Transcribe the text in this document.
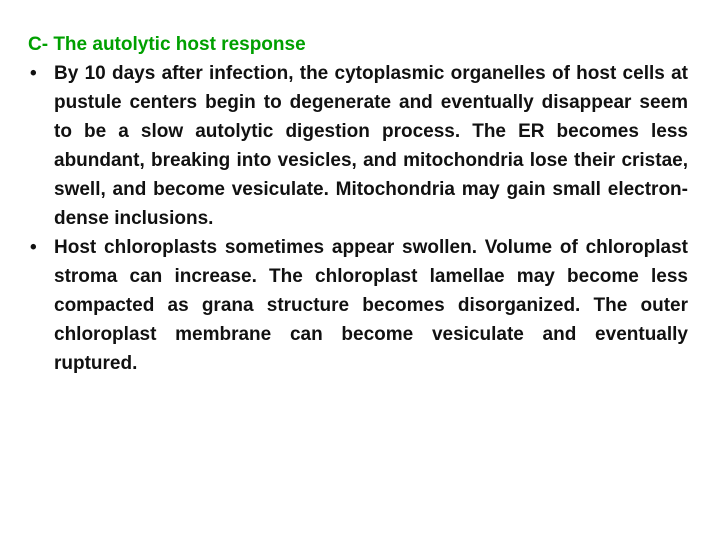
C- The autolytic host response
• By 10 days after infection, the cytoplasmic organelles of host cells at pustule centers begin to degenerate and eventually disappear seem to be a slow autolytic digestion process. The ER becomes less abundant, breaking into vesicles, and mitochondria lose their cristae, swell, and become vesiculate. Mitochondria may gain small electron-dense inclusions.
• Host chloroplasts sometimes appear swollen. Volume of chloroplast stroma can increase. The chloroplast lamellae may become less compacted as grana structure becomes disorganized. The outer chloroplast membrane can become vesiculate and eventually ruptured.
